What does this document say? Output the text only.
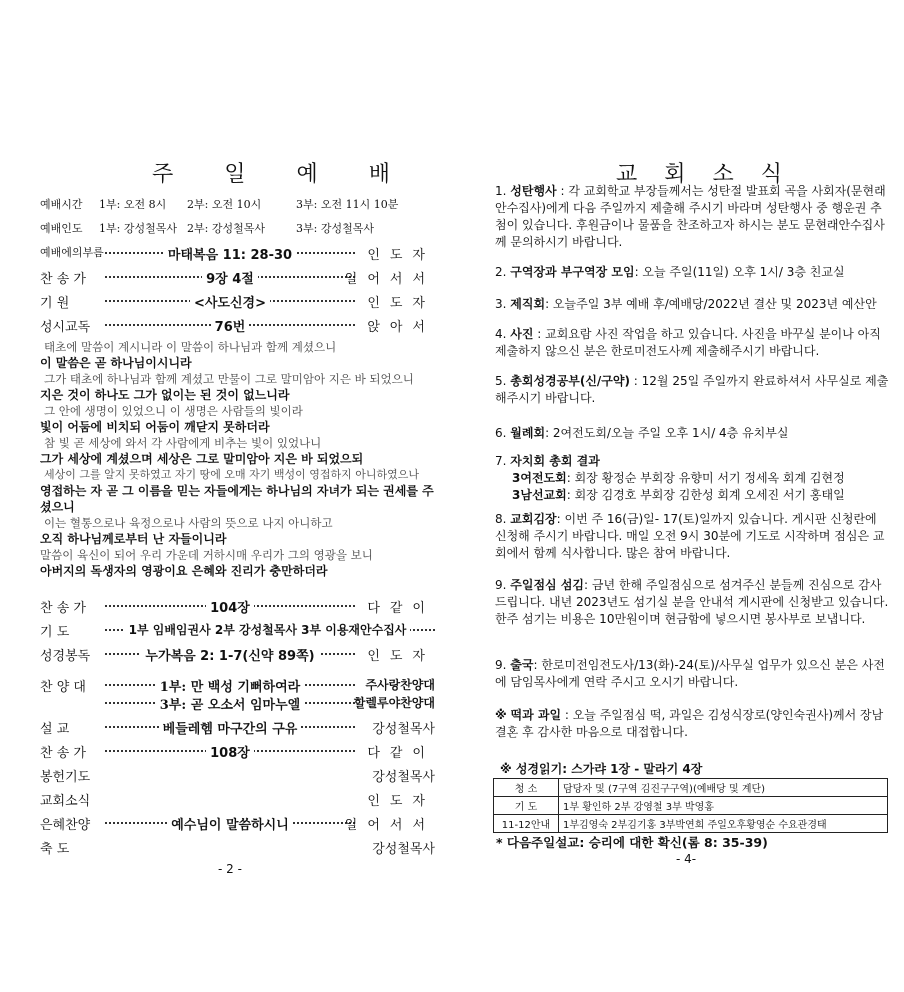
주 일 예 배
예배시간 1부: 오전 8시 2부: 오전 10시	3부: 오전 11시 10분
예배인도 1부: 강성철목사 2부: 강성철목사	3부: 강성철목사
예배에의부름	마태복음 11: 28-30	인도자
찬 송 가	9장 4절	일어서서
기 원	<사도신경>	인도자
성시교독	76번	앉아서
태초에 말씀이 계시니라 이 말씀이 하나님과 함께 계셨으니
이 말씀은 곧 하나님이시니라
그가 태초에 하나님과 함께 계셨고 만물이 그로 말미암아 지은 바 되었으니
지은 것이 하나도 그가 없이는 된 것이 없느니라
그 안에 생명이 있었으니 이 생명은 사람들의 빛이라
빛이 어둠에 비치되 어둠이 깨닫지 못하더라
참 빛 곧 세상에 와서 각 사람에게 비추는 빛이 있었나니
그가 세상에 계셨으며 세상은 그로 말미암아 지은 바 되었으되
세상이 그를 알지 못하였고 자기 땅에 오매 자기 백성이 영접하지 아니하였으나
영접하는 자 곧 그 이름을 믿는 자들에게는 하나님의 자녀가 되는 권세를 주셨으니
이는 혈통으로나 육정으로나 사람의 뜻으로 나지 아니하고
오직 하나님께로부터 난 자들이니라
말씀이 육신이 되어 우리 가운데 거하시매 우리가 그의 영광을 보니
아버지의 독생자의 영광이요 은혜와 진리가 충만하더라
찬 송 가	104장	다같이
기 도	1부 임배임권사 2부 강성철목사 3부 이용재안수집사
성경봉독	누가복음 2: 1-7(신약 89쪽)	인도자
찬 양 대	1부: 만 백성 기뻐하여라	주사랑찬양대
3부: 곧 오소서 임마누엘	할렐루야찬양대
설 교	베들레헴 마구간의 구유	강성철목사
찬 송 가	108장	다같이
봉헌기도	강성철목사
교회소식	인도자
은혜찬양	예수님이 말씀하시니	일어서서
축 도	강성철목사
- 2 -
교 회 소 식
1. 성탄행사 : 각 교회학교 부장들께서는 성탄절 발표회 곡을 사회자(문현래안수집사)에게 다음 주일까지 제출해 주시기 바라며 성탄행사 중 행운권 추첨이 있습니다. 후원금이나 물품을 찬조하고자 하시는 분도 문현래안수집사께 문의하시기 바랍니다.
2. 구역장과 부구역장 모임: 오늘 주일(11일) 오후 1시/ 3층 친교실
3. 제직회: 오늘주일 3부 예배 후/예배당/2022년 결산 및 2023년 예산안
4. 사진 : 교회요람 사진 작업을 하고 있습니다. 사진을 바꾸실 분이나 아직 제출하지 않으신 분은 한로미전도사께 제출해주시기 바랍니다.
5. 총회성경공부(신/구약) : 12월 25일 주일까지 완료하셔서 사무실로 제출해주시기 바랍니다.
6. 월례회: 2여전도회/오늘 주일 오후 1시/ 4층 유치부실
7. 자치회 총회 결과
3여전도회: 회장 황정순 부회장 유향미 서기 정세옥 회계 김현정
3남선교회: 회장 김경호 부회장 김한성 회계 오세진 서기 홍태일
8. 교회김장: 이번 주 16(금)일- 17(토)일까지 있습니다. 게시판 신청란에 신청해 주시기 바랍니다. 매일 오전 9시 30분에 기도로 시작하며 점심은 교회에서 함께 식사합니다. 많은 참여 바랍니다.
9. 주일점심 섬김: 금년 한해 주일점심으로 섬겨주신 분들께 진심으로 감사드립니다. 내년 2023년도 섬기실 분을 안내석 게시판에 신청받고 있습니다. 한주 섬기는 비용은 10만원이며 현금함에 넣으시면 봉사부로 보냅니다.
9. 출국: 한로미전임전도사/13(화)-24(토)/사무실 업무가 있으신 분은 사전에 담임목사에게 연락 주시고 오시기 바랍니다.
※ 떡과 과일 : 오늘 주일점심 떡, 과일은 김성식장로(양인숙권사)께서 장남 결혼 후 감사한 마음으로 대접합니다.
※ 성경읽기: 스가랴 1장 - 말라기 4장
청 소	담당자 및 (7구역 김진구구역)(예배당 및 계단)
기 도	1부 황인하 2부 강영철 3부 박영홍
11-12안내	1부김영숙 2부김기홍 3부박연희 주일오후황영순 수요관경태
* 다음주일설교: 승리에 대한 확신(롬 8: 35-39)
- 4-
